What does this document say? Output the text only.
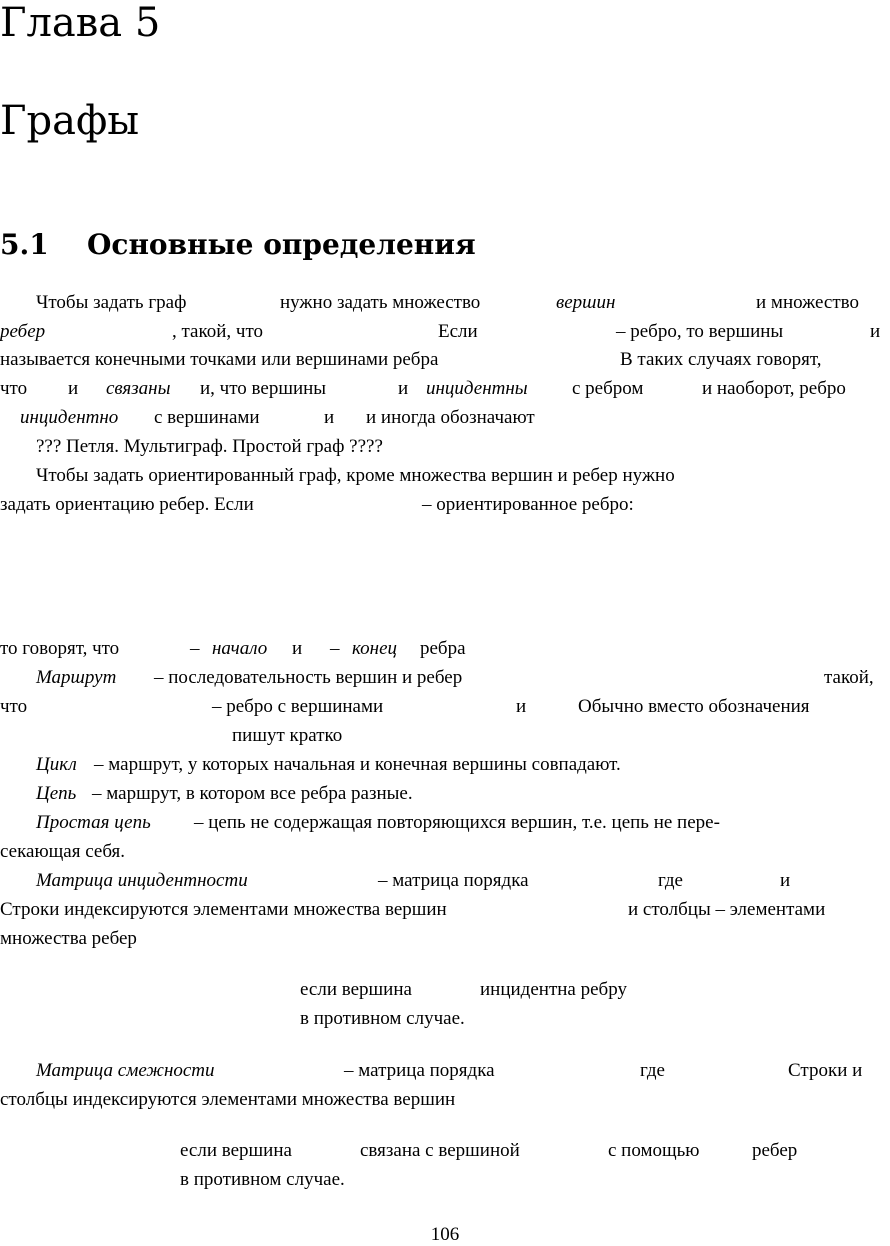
Глава 5
Графы
5.1 Основные определения
Чтобы задать граф	нужно задать множество	вершин	и множество
ребер	, такой, что	Если	– ребро, то вершины	и
называется конечными точками или вершинами ребра	В таких случаях говорят,
что и связаны и, что вершины	и инцидентны с ребром	и наоборот, ребро
инцидентно с вершинами	и и иногда обозначают
??? Петля. Мультиграф. Простой граф ????
Чтобы задать ориентированный граф, кроме множества вершин и ребер нужно
задать ориентацию ребер. Если	– ориентированное ребро:
то говорят, что	– начало и – конец ребра
Маршрут – последовательность вершин и ребер	такой,
что	– ребро с вершинами	и	Обычно вместо обозначения
пишут кратко
Цикл – маршрут, у которых начальная и конечная вершины совпадают.
Цепь – маршрут, в котором все ребра разные.
Простая цепь – цепь не содержащая повторяющихся вершин, т.е. цепь не пере-
секающая себя.
Матрица инцидентности	– матрица порядка	где	и
Строки индексируются элементами множества вершин	и столбцы – элементами
множества ребер
если вершина	инцидентна ребру
в противном случае.
Матрица смежности	– матрица порядка	где	Строки и
столбцы индексируются элементами множества вершин
если вершина	связана с вершиной	с помощью	ребер
в противном случае.
106
